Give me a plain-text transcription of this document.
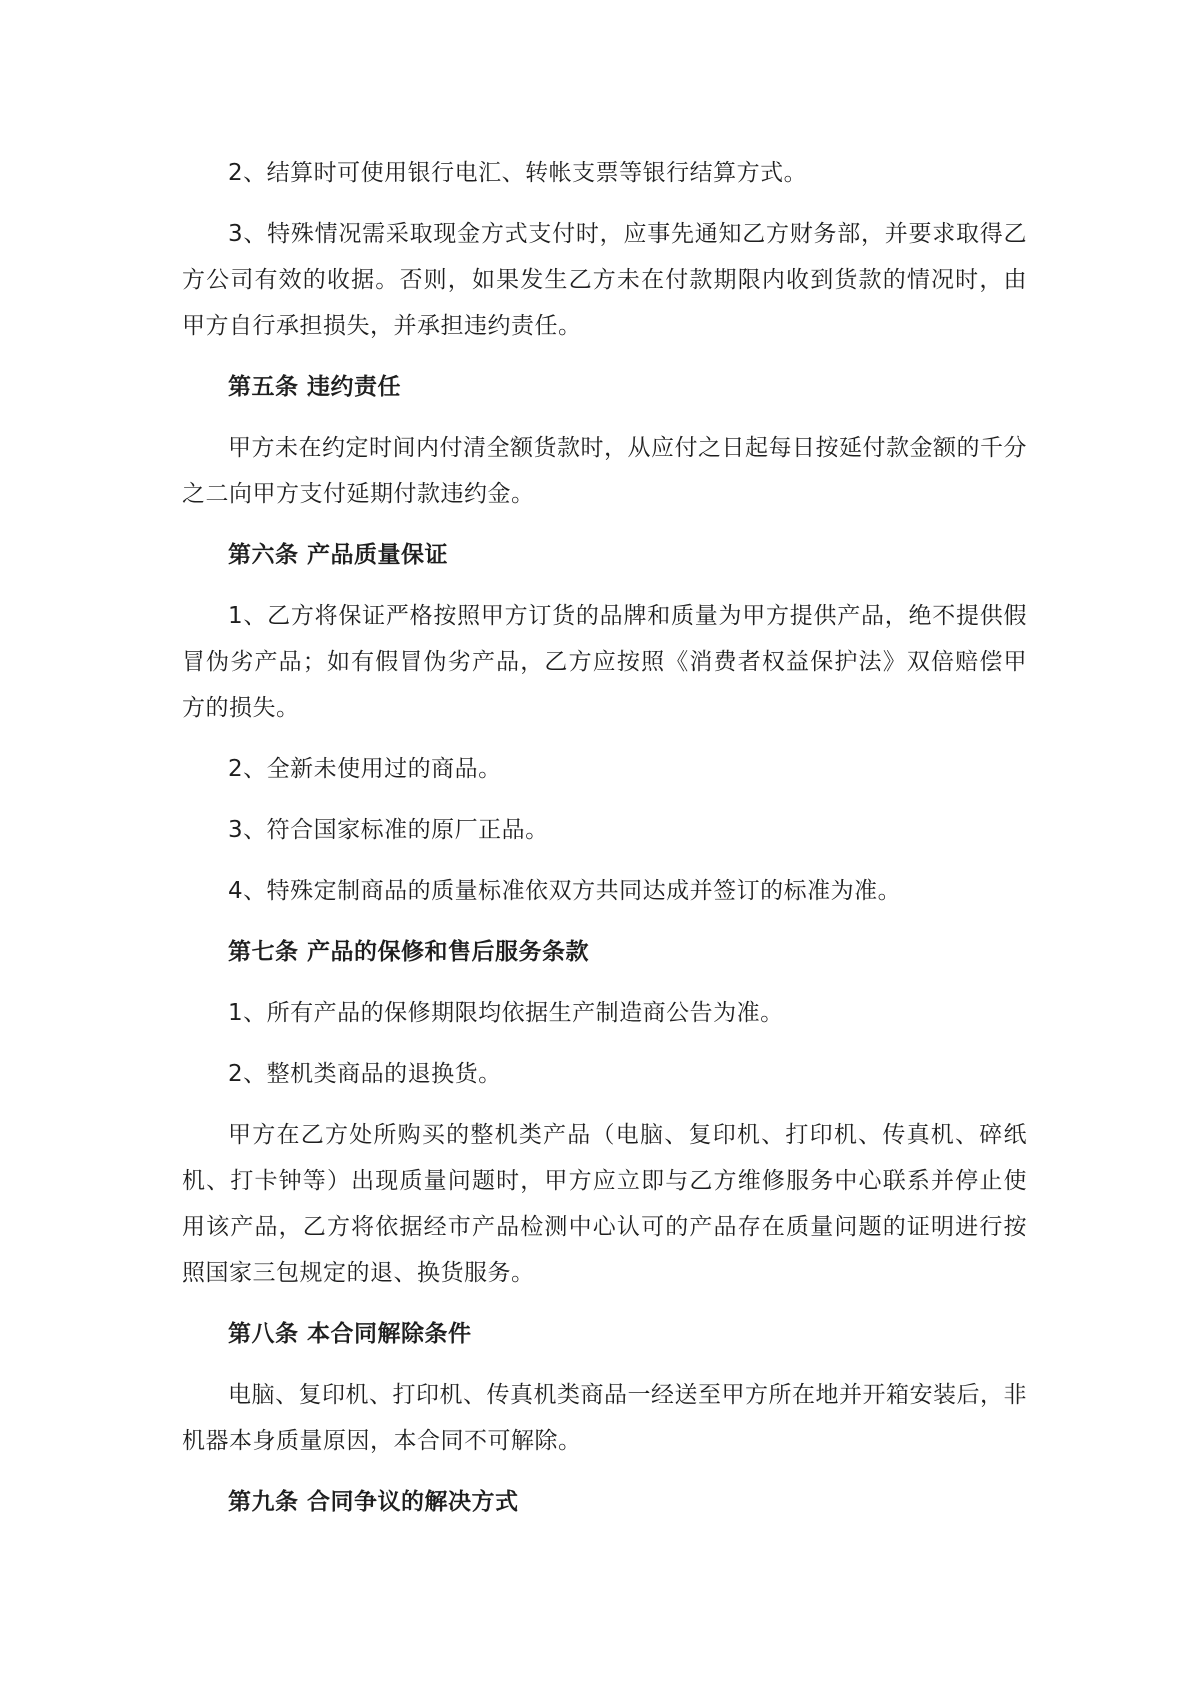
2、结算时可使用银行电汇、转帐支票等银行结算方式。

3、特殊情况需采取现金方式支付时，应事先通知乙方财务部，并要求取得乙方公司有效的收据。否则，如果发生乙方未在付款期限内收到货款的情况时，由甲方自行承担损失，并承担违约责任。

第五条 违约责任

甲方未在约定时间内付清全额货款时，从应付之日起每日按延付款金额的千分之二向甲方支付延期付款违约金。

第六条 产品质量保证

1、乙方将保证严格按照甲方订货的品牌和质量为甲方提供产品，绝不提供假冒伪劣产品；如有假冒伪劣产品，乙方应按照《消费者权益保护法》双倍赔偿甲方的损失。

2、全新未使用过的商品。

3、符合国家标准的原厂正品。

4、特殊定制商品的质量标准依双方共同达成并签订的标准为准。

第七条 产品的保修和售后服务条款

1、所有产品的保修期限均依据生产制造商公告为准。

2、整机类商品的退换货。

甲方在乙方处所购买的整机类产品（电脑、复印机、打印机、传真机、碎纸机、打卡钟等）出现质量问题时，甲方应立即与乙方维修服务中心联系并停止使用该产品，乙方将依据经市产品检测中心认可的产品存在质量问题的证明进行按照国家三包规定的退、换货服务。

第八条 本合同解除条件

电脑、复印机、打印机、传真机类商品一经送至甲方所在地并开箱安装后，非机器本身质量原因，本合同不可解除。

第九条 合同争议的解决方式
